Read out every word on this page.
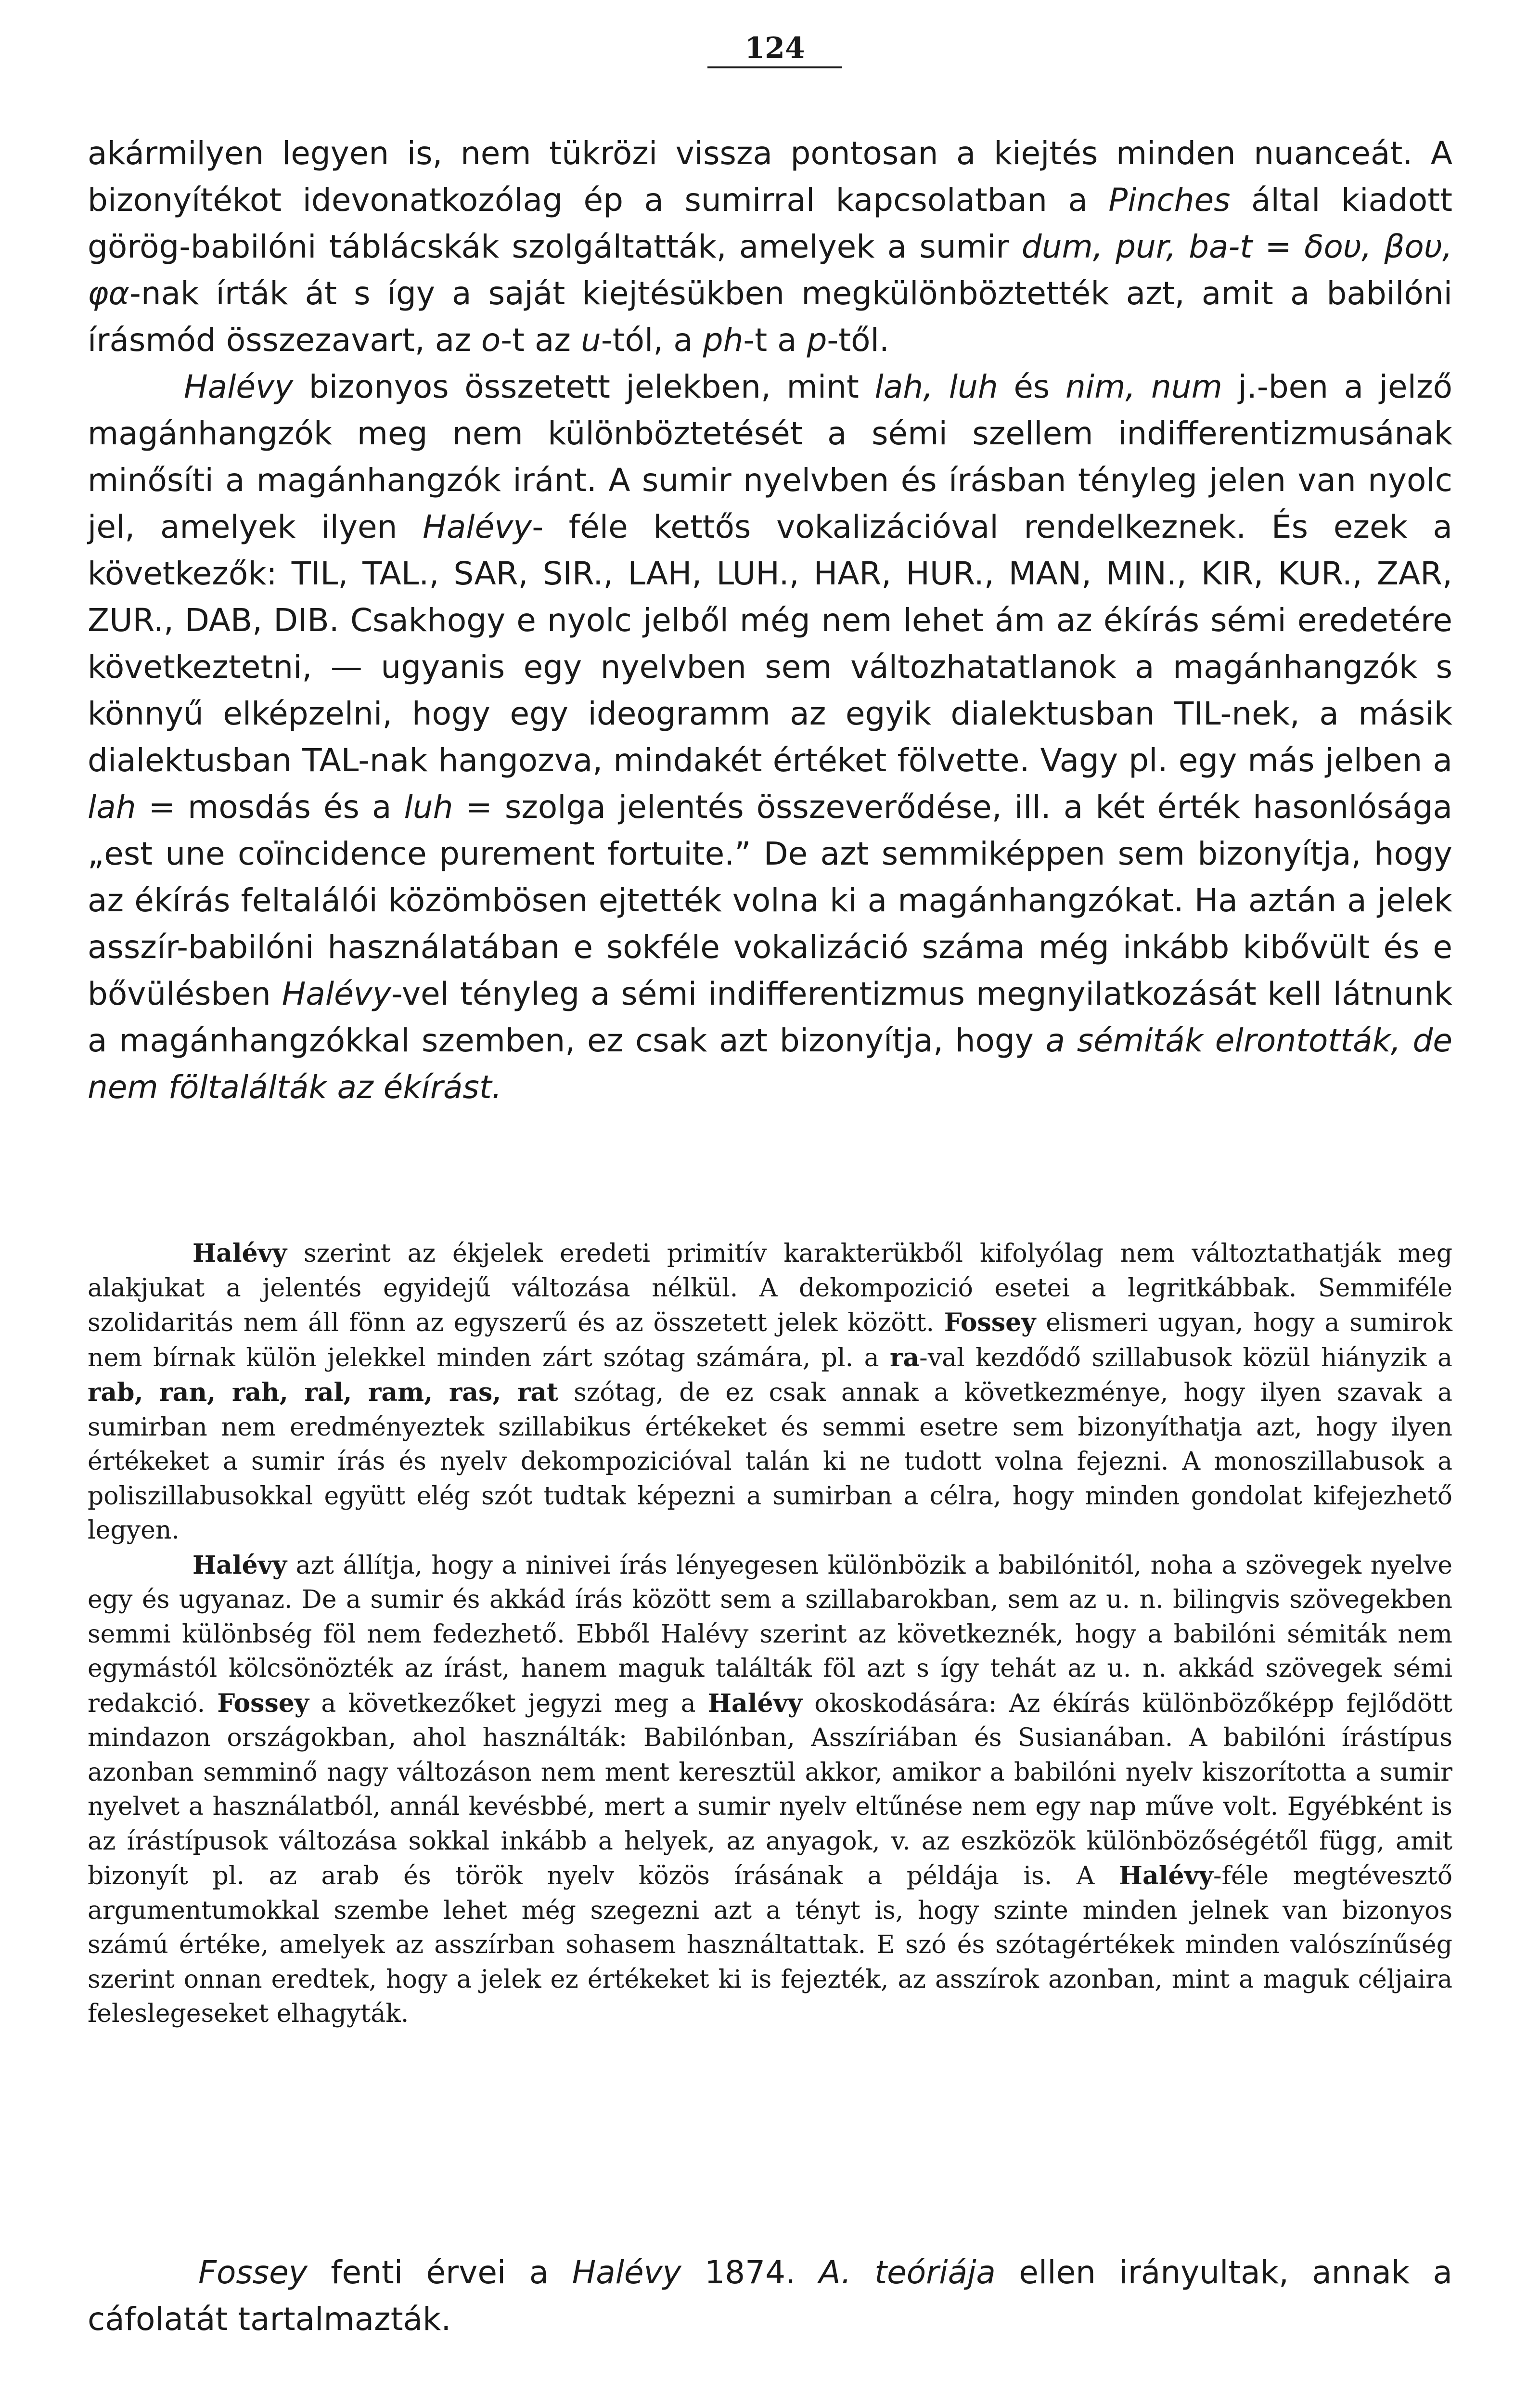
124

akármilyen legyen is, nem tükrözi vissza pontosan a kiejtés minden nuanceát. A bizonyítékot idevonatkozólag ép a sumirral kapcsolatban a Pinches által kiadott görög-babilóni táblácskák szolgáltatták, amelyek a sumir dum, pur, ba-t = δου, βου, φα-nak írták át s így a saját kiejtésükben megkülönböztették azt, amit a babilóni írásmód összezavart, az o-t az u-tól, a ph-t a p-től.

Halévy bizonyos összetett jelekben, mint lah, luh és nim, num j.-ben a jelző magánhangzók meg nem különböztetését a sémi szellem indifferentizmusának minősíti a magánhangzók iránt. A sumir nyelvben és írásban tényleg jelen van nyolc jel, amelyek ilyen Halévy- féle kettős vokalizációval rendelkeznek. És ezek a következők: TIL, TAL., SAR, SIR., LAH, LUH., HAR, HUR., MAN, MIN., KIR, KUR., ZAR, ZUR., DAB, DIB. Csakhogy e nyolc jelből még nem lehet ám az ékírás sémi eredetére következtetni, — ugyanis egy nyelvben sem változhatatlanok a magánhangzók s könnyű elképzelni, hogy egy ideogramm az egyik dialektusban TIL-nek, a másik dialektusban TAL-nak hangozva, mindakét értéket fölvette. Vagy pl. egy más jelben a lah = mosdás és a luh = szolga jelentés összeverődése, ill. a két érték hasonlósága „est une coïncidence purement fortuite.” De azt semmiképpen sem bizonyítja, hogy az ékírás feltalálói közömbösen ejtették volna ki a magánhangzókat. Ha aztán a jelek asszír-babilóni használatában e sokféle vokalizáció száma még inkább kibővült és e bővülésben Halévy-vel tényleg a sémi indifferentizmus megnyilatkozását kell látnunk a magánhangzókkal szemben, ez csak azt bizonyítja, hogy a sémiták elrontották, de nem föltalálták az ékírást.

Halévy szerint az ékjelek eredeti primitív karakterükből kifolyólag nem változtathatják meg alakjukat a jelentés egyidejű változása nélkül. A dekompozició esetei a legritkábbak. Semmiféle szolidaritás nem áll fönn az egyszerű és az összetett jelek között. Fossey elismeri ugyan, hogy a sumirok nem bírnak külön jelekkel minden zárt szótag számára, pl. a ra-val kezdődő szillabusok közül hiányzik a rab, ran, rah, ral, ram, ras, rat szótag, de ez csak annak a következménye, hogy ilyen szavak a sumirban nem eredményeztek szillabikus értékeket és semmi esetre sem bizonyíthatja azt, hogy ilyen értékeket a sumir írás és nyelv dekompozicióval talán ki ne tudott volna fejezni. A monoszillabusok a poliszillabusokkal együtt elég szót tudtak képezni a sumirban a célra, hogy minden gondolat kifejezhető legyen.

Halévy azt állítja, hogy a ninivei írás lényegesen különbözik a babilónitól, noha a szövegek nyelve egy és ugyanaz. De a sumir és akkád írás között sem a szillabarokban, sem az u. n. bilingvis szövegekben semmi különbség föl nem fedezhető. Ebből Halévy szerint az következnék, hogy a babilóni sémiták nem egymástól kölcsönözték az írást, hanem maguk találták föl azt s így tehát az u. n. akkád szövegek sémi redakció. Fossey a következőket jegyzi meg a Halévy okoskodására: Az ékírás különbözőképp fejlődött mindazon országokban, ahol használták: Babilónban, Asszíriában és Susianában. A babilóni írástípus azonban semminő nagy változáson nem ment keresztül akkor, amikor a babilóni nyelv kiszorította a sumir nyelvet a használatból, annál kevésbbé, mert a sumir nyelv eltűnése nem egy nap műve volt. Egyébként is az írástípusok változása sokkal inkább a helyek, az anyagok, v. az eszközök különbözőségétől függ, amit bizonyít pl. az arab és török nyelv közös írásának a példája is. A Halévy-féle megtévesztő argumentumokkal szembe lehet még szegezni azt a tényt is, hogy szinte minden jelnek van bizonyos számú értéke, amelyek az asszírban sohasem használtattak. E szó és szótagértékek minden valószínűség szerint onnan eredtek, hogy a jelek ez értékeket ki is fejezték, az asszírok azonban, mint a maguk céljaira feleslegeseket elhagyták.

Fossey fenti érvei a Halévy 1874. A. teóriája ellen irányultak, annak a cáfolatát tartalmazták.
